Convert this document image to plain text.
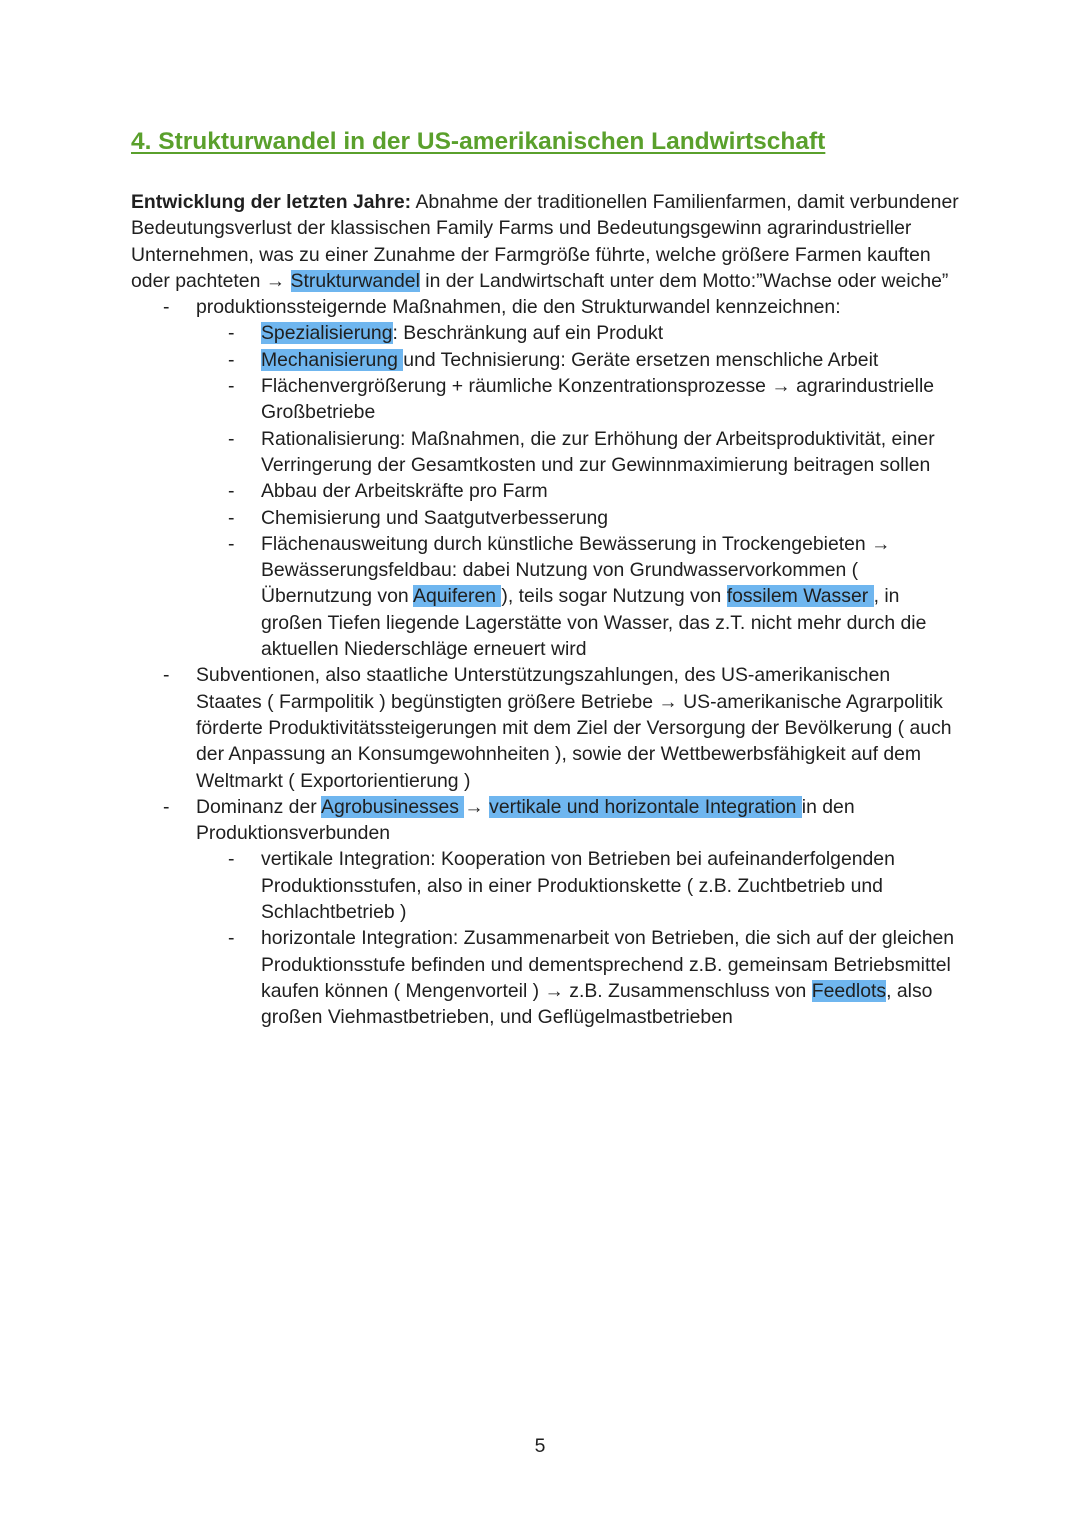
4. Strukturwandel in der US-amerikanischen Landwirtschaft

Entwicklung der letzten Jahre: Abnahme der traditionellen Familienfarmen, damit verbundener Bedeutungsverlust der klassischen Family Farms und Bedeutungsgewinn agrarindustrieller Unternehmen, was zu einer Zunahme der Farmgröße führte, welche größere Farmen kauften oder pachteten → Strukturwandel in der Landwirtschaft unter dem Motto:”Wachse oder weiche”

- produktionssteigernde Maßnahmen, die den Strukturwandel kennzeichnen:
- Spezialisierung: Beschränkung auf ein Produkt
- Mechanisierung und Technisierung: Geräte ersetzen menschliche Arbeit
- Flächenvergrößerung + räumliche Konzentrationsprozesse → agrarindustrielle Großbetriebe
- Rationalisierung: Maßnahmen, die zur Erhöhung der Arbeitsproduktivität, einer Verringerung der Gesamtkosten und zur Gewinnmaximierung beitragen sollen
- Abbau der Arbeitskräfte pro Farm
- Chemisierung und Saatgutverbesserung
- Flächenausweitung durch künstliche Bewässerung in Trockengebieten → Bewässerungsfeldbau: dabei Nutzung von Grundwasservorkommen ( Übernutzung von Aquiferen ), teils sogar Nutzung von fossilem Wasser , in großen Tiefen liegende Lagerstätte von Wasser, das z.T. nicht mehr durch die aktuellen Niederschläge erneuert wird
- Subventionen, also staatliche Unterstützungszahlungen, des US-amerikanischen Staates ( Farmpolitik ) begünstigten größere Betriebe → US-amerikanische Agrarpolitik förderte Produktivitätssteigerungen mit dem Ziel der Versorgung der Bevölkerung ( auch der Anpassung an Konsumgewohnheiten ), sowie der Wettbewerbsfähigkeit auf dem Weltmarkt ( Exportorientierung )
- Dominanz der Agrobusinesses → vertikale und horizontale Integration in den Produktionsverbunden
- vertikale Integration: Kooperation von Betrieben bei aufeinanderfolgenden Produktionsstufen, also in einer Produktionskette ( z.B. Zuchtbetrieb und Schlachtbetrieb )
- horizontale Integration: Zusammenarbeit von Betrieben, die sich auf der gleichen Produktionsstufe befinden und dementsprechend z.B. gemeinsam Betriebsmittel kaufen können ( Mengenvorteil ) → z.B. Zusammenschluss von Feedlots, also großen Viehmastbetrieben, und Geflügelmastbetrieben
5
